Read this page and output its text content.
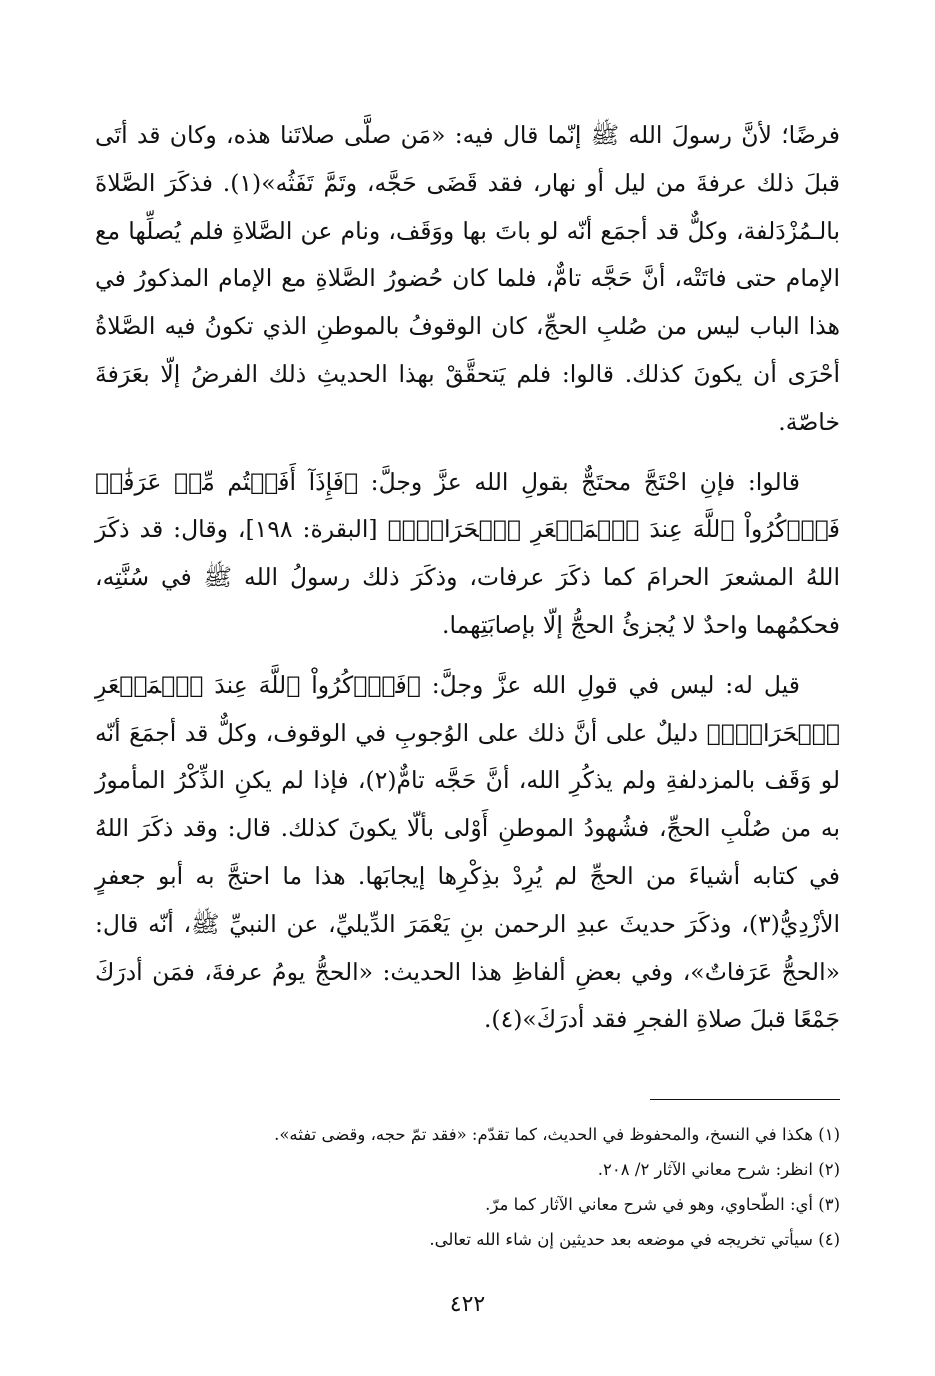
فرضًا؛ لأنَّ رسولَ الله ﷺ إنّما قال فيه: «مَن صلَّى صلاتَنا هذه، وكان قد أتَى قبلَ ذلك عرفةَ من ليل أو نهار، فقد قَضَى حَجَّه، وتَمَّ تَفَثُه»(١). فذكَرَ الصَّلاةَ بالـمُزْدَلفة، وكلٌّ قد أجمَع أنّه لو باتَ بها ووَقَف، ونام عن الصَّلاةِ فلم يُصلِّها مع الإمام حتى فاتَتْه، أنَّ حَجَّه تامٌّ، فلما كان حُضورُ الصَّلاةِ مع الإمام المذكورُ في هذا الباب ليس من صُلبِ الحجِّ، كان الوقوفُ بالموطنِ الذي تكونُ فيه الصَّلاةُ أحْرَى أن يكونَ كذلك. قالوا: فلم يَتحقَّقْ بهذا الحديثِ ذلك الفرضُ إلّا بعَرَفةَ خاصّة.
قالوا: فإنِ احْتَجَّ محتَجٌّ بقولِ الله عزَّ وجلَّ: ﴿فَإِذَآ أَفَضۡتُم مِّنۡ عَرَفَٰتٖ فَٱذۡكُرُواْ ٱللَّهَ عِندَ ٱلۡمَشۡعَرِ ٱلۡحَرَامِۖ﴾ [البقرة: ١٩٨]، وقال: قد ذكَرَ اللهُ المشعرَ الحرامَ كما ذكَرَ عرفات، وذكَرَ ذلك رسولُ الله ﷺ في سُنَّتِه، فحكمُهما واحدٌ لا يُجزئُ الحجُّ إلّا بإصابَتِهما.
قيل له: ليس في قولِ الله عزَّ وجلَّ: ﴿فَٱذۡكُرُواْ ٱللَّهَ عِندَ ٱلۡمَشۡعَرِ ٱلۡحَرَامِۖ﴾ دليلٌ على أنَّ ذلك على الوُجوبِ في الوقوف، وكلٌّ قد أجمَعَ أنّه لو وَقَف بالمزدلفةِ ولم يذكُرِ الله، أنَّ حَجَّه تامٌّ(٢)، فإذا لم يكنِ الذِّكْرُ المأمورُ به من صُلْبِ الحجِّ، فشُهودُ الموطنِ أَوْلى بألّا يكونَ كذلك. قال: وقد ذكَرَ اللهُ في كتابه أشياءَ من الحجِّ لم يُرِدْ بذِكْرِها إيجابَها. هذا ما احتجَّ به أبو جعفرٍ الأزْدِيُّ(٣)، وذكَرَ حديثَ عبدِ الرحمن بنِ يَعْمَرَ الدِّيليِّ، عن النبيِّ ﷺ، أنّه قال: «الحجُّ عَرَفاتٌ»، وفي بعضِ ألفاظِ هذا الحديث: «الحجُّ يومُ عرفةَ، فمَن أدرَكَ جَمْعًا قبلَ صلاةِ الفجرِ فقد أدرَكَ»(٤).
(١) هكذا في النسخ، والمحفوظ في الحديث، كما تقدّم: «فقد تمّ حجه، وقضى تفثه».
(٢) انظر: شرح معاني الآثار ٢/ ٢٠٨.
(٣) أي: الطّحاوي، وهو في شرح معاني الآثار كما مرّ.
(٤) سيأتي تخريجه في موضعه بعد حديثين إن شاء الله تعالى.
٤٢٢
